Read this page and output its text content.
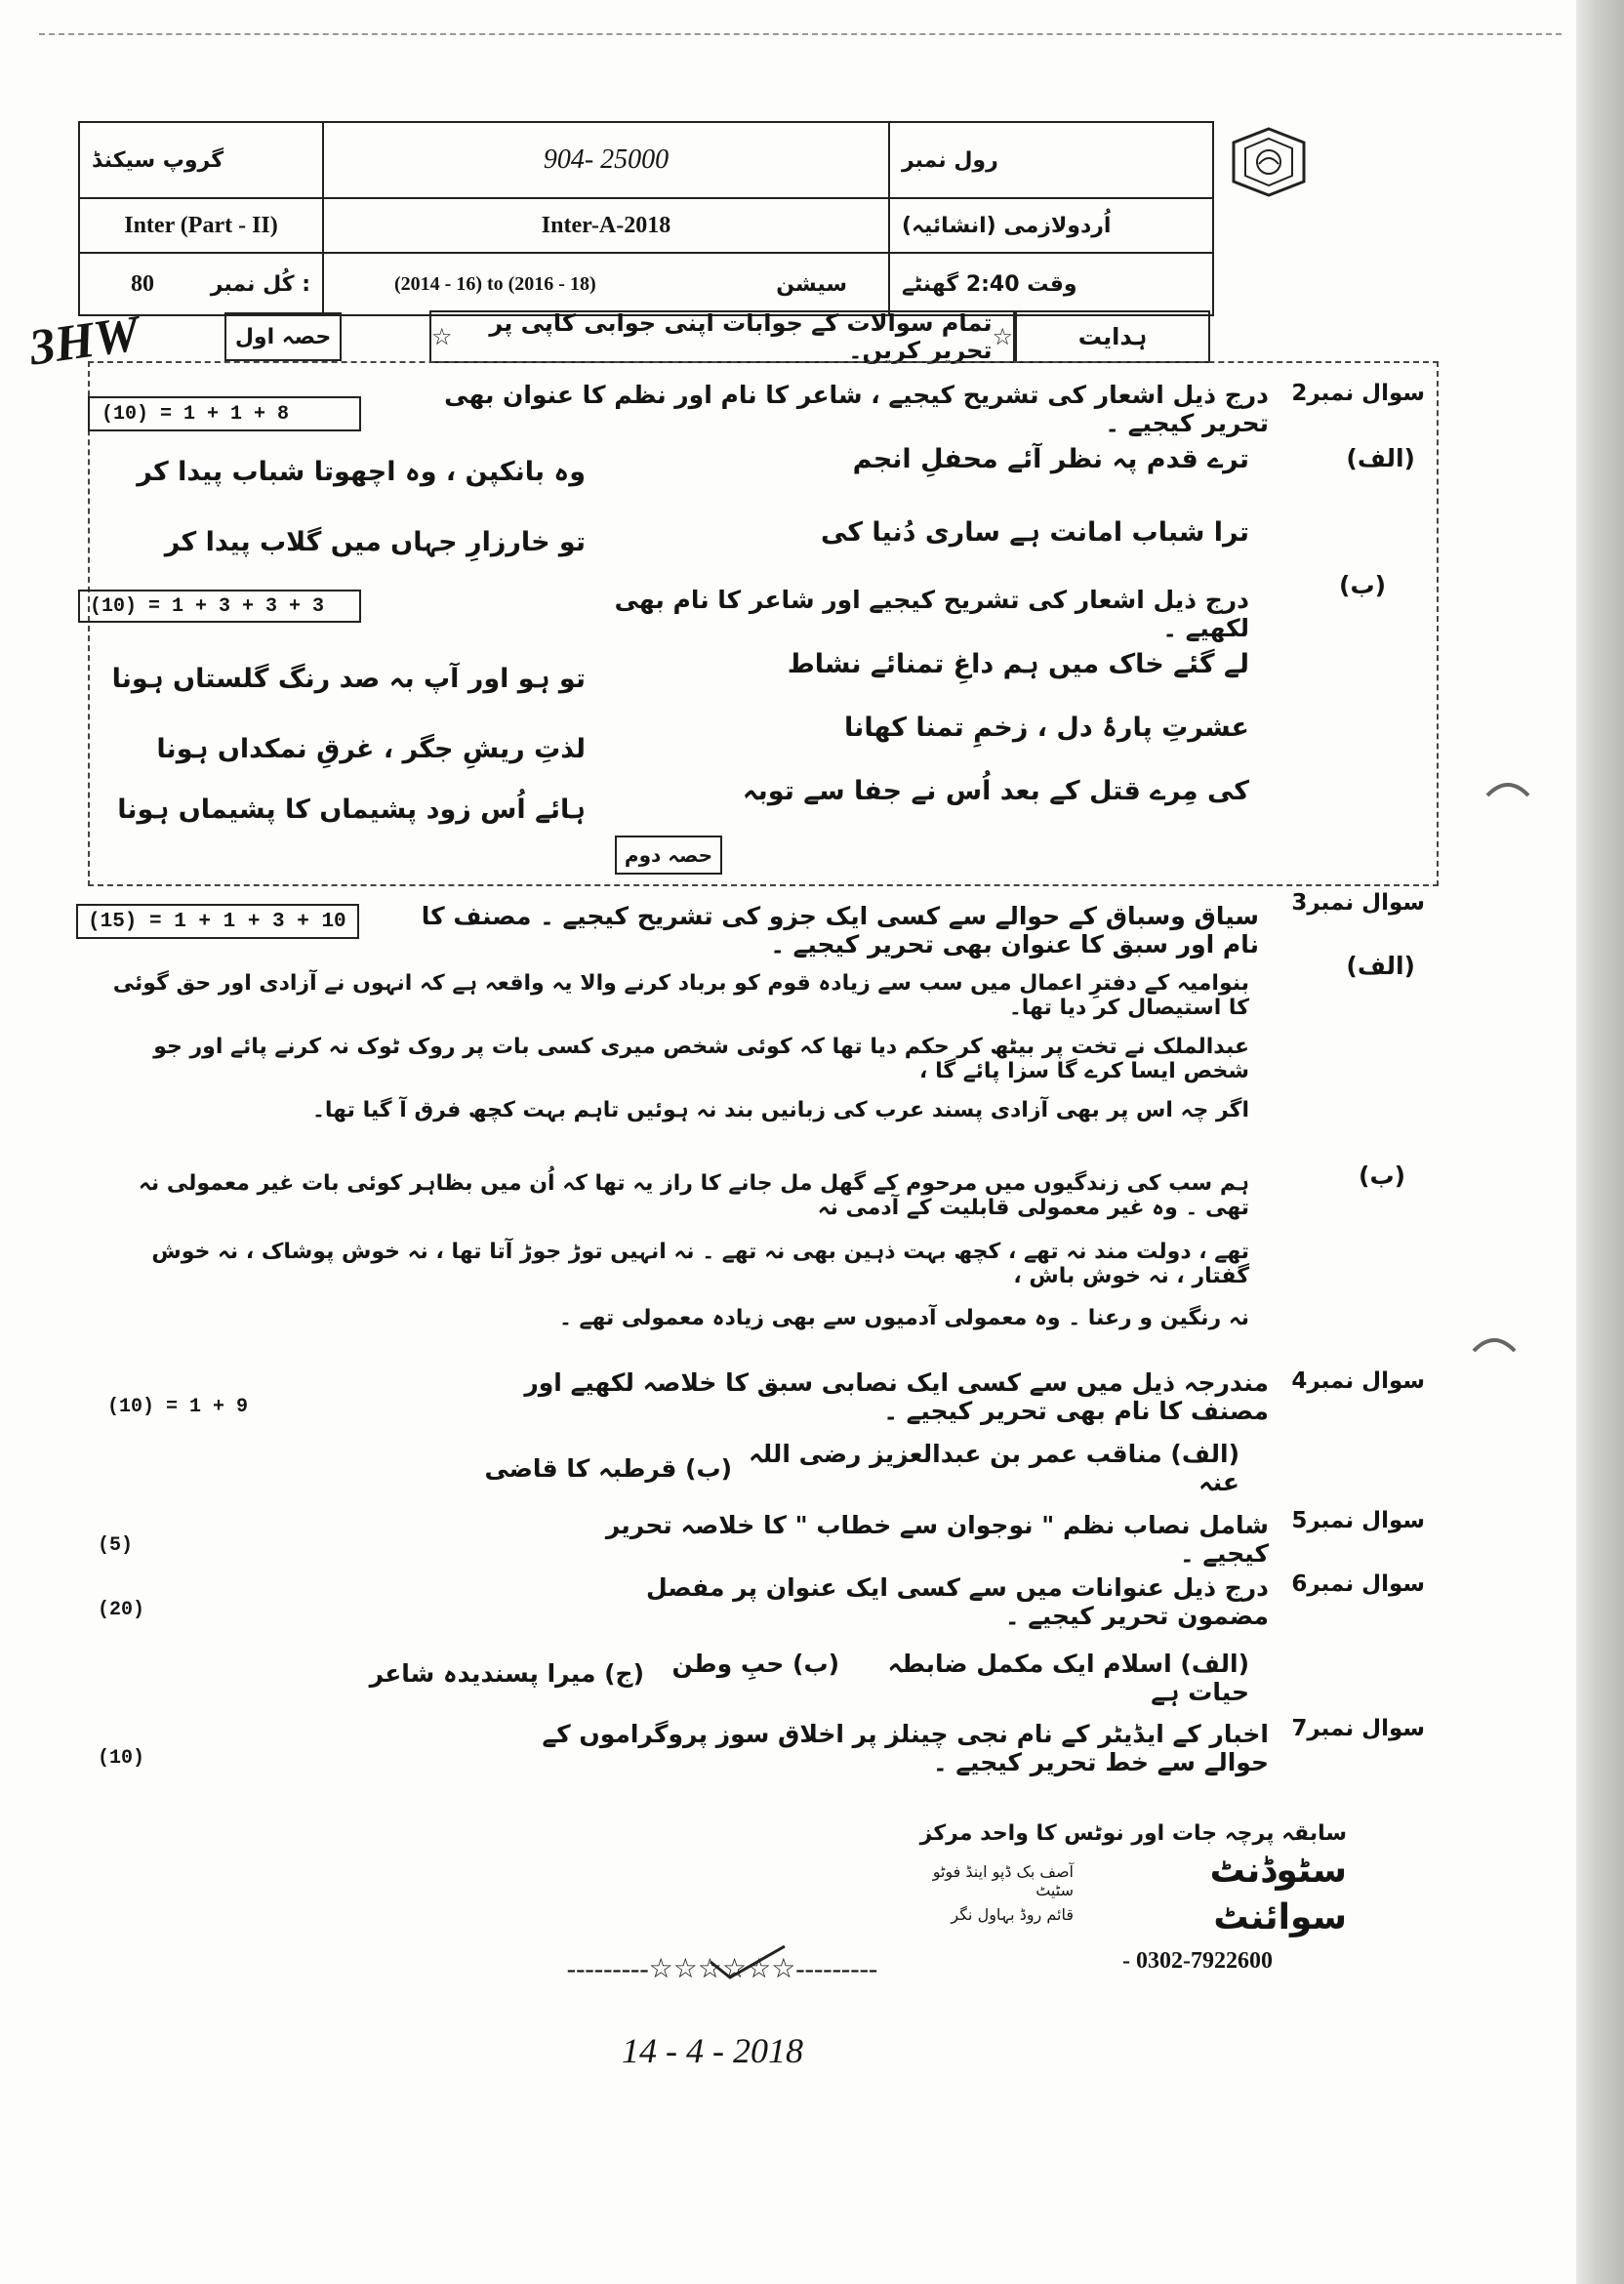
گروپ سیکنڈ	904- 25000	رول نمبر
Inter (Part - II)	Inter-A-2018	اُردولازمی (انشائیہ)
80	کُل نمبر :	(2014 - 16) to (2016 - 18)	سیشن	وقت 2:40 گھنٹے
3HW	حصہ اول	☆
تمام سوالات کے جوابات اپنی جوابی کاپی پر تحریر کریں۔
☆	ہدایت
سوال نمبر2
درج ذیل اشعار کی تشریح کیجیے ، شاعر کا نام اور نظم کا عنوان بھی تحریر کیجیے ۔
(10) = 1 + 1 + 8
(الف)
ترے قدم پہ نظر آئے محفلِ انجم
وہ بانکپن ، وہ اچھوتا شباب پیدا کر
ترا شباب امانت ہے ساری دُنیا کی
تو خارزارِ جہاں میں گلاب پیدا کر
(ب)
درج ذیل اشعار کی تشریح کیجیے اور شاعر کا نام بھی لکھیے ۔
(10) = 1 + 3 + 3 + 3
لے گئے خاک میں ہم داغِ تمنائے نشاط
تو ہو اور آپ بہ صد رنگ گلستاں ہونا
عشرتِ پارۂ دل ، زخمِ تمنا کھانا
لذتِ ریشِ جگر ، غرقِ نمکداں ہونا
کی مِرے قتل کے بعد اُس نے جفا سے توبہ
ہائے اُس زود پشیماں کا پشیماں ہونا
حصہ دوم
سوال نمبر3
سیاق وسباق کے حوالے سے کسی ایک جزو کی تشریح کیجیے ۔ مصنف کا نام اور سبق کا عنوان بھی تحریر کیجیے ۔
(15) = 1 + 1 + 3 + 10
(الف)
بنوامیہ کے دفترِ اعمال میں سب سے زیادہ قوم کو برباد کرنے والا یہ واقعہ ہے کہ انہوں نے آزادی اور حق گوئی کا استیصال کر دیا تھا۔
عبدالملک نے تخت پر بیٹھ کر حکم دیا تھا کہ کوئی شخص میری کسی بات پر روک ٹوک نہ کرنے پائے اور جو شخص ایسا کرے گا سزا پائے گا ،
اگر چہ اس پر بھی آزادی پسند عرب کی زبانیں بند نہ ہوئیں تاہم بہت کچھ فرق آ گیا تھا۔
(ب)
ہم سب کی زندگیوں میں مرحوم کے گھل مل جانے کا راز یہ تھا کہ اُن میں بظاہر کوئی بات غیر معمولی نہ تھی ۔ وہ غیر معمولی قابلیت کے آدمی نہ
تھے ، دولت مند نہ تھے ، کچھ بہت ذہین بھی نہ تھے ۔ نہ انہیں توڑ جوڑ آتا تھا ، نہ خوش پوشاک ، نہ خوش گفتار ، نہ خوش باش ،
نہ رنگین و رعنا ۔ وہ معمولی آدمیوں سے بھی زیادہ معمولی تھے ۔
سوال نمبر4
مندرجہ ذیل میں سے کسی ایک نصابی سبق کا خلاصہ لکھیے اور مصنف کا نام بھی تحریر کیجیے ۔
(10) = 1 + 9
(الف) مناقب عمر بن عبدالعزیز رضی اللہ عنہ
(ب) قرطبہ کا قاضی
سوال نمبر5
شامل نصاب نظم " نوجوان سے خطاب " کا خلاصہ تحریر کیجیے ۔
(5)
سوال نمبر6
درج ذیل عنوانات میں سے کسی ایک عنوان پر مفصل مضمون تحریر کیجیے ۔
(20)
(الف) اسلام ایک مکمل ضابطہ حیات ہے
(ب) حبِ وطن
(ج) میرا پسندیدہ شاعر
سوال نمبر7
اخبار کے ایڈیٹر کے نام نجی چینلز پر اخلاق سوز پروگراموں کے حوالے سے خط تحریر کیجیے ۔
(10)
سابقہ پرچہ جات اور نوٹس کا واحد مرکز
سٹوڈنٹ
سوائنٹ
آصف بک ڈپو اینڈ فوٹو سٹیٹ
قائم روڈ بہاول نگر
- 0302-7922600
---------☆☆☆☆☆☆---------
14 - 4 - 2018
